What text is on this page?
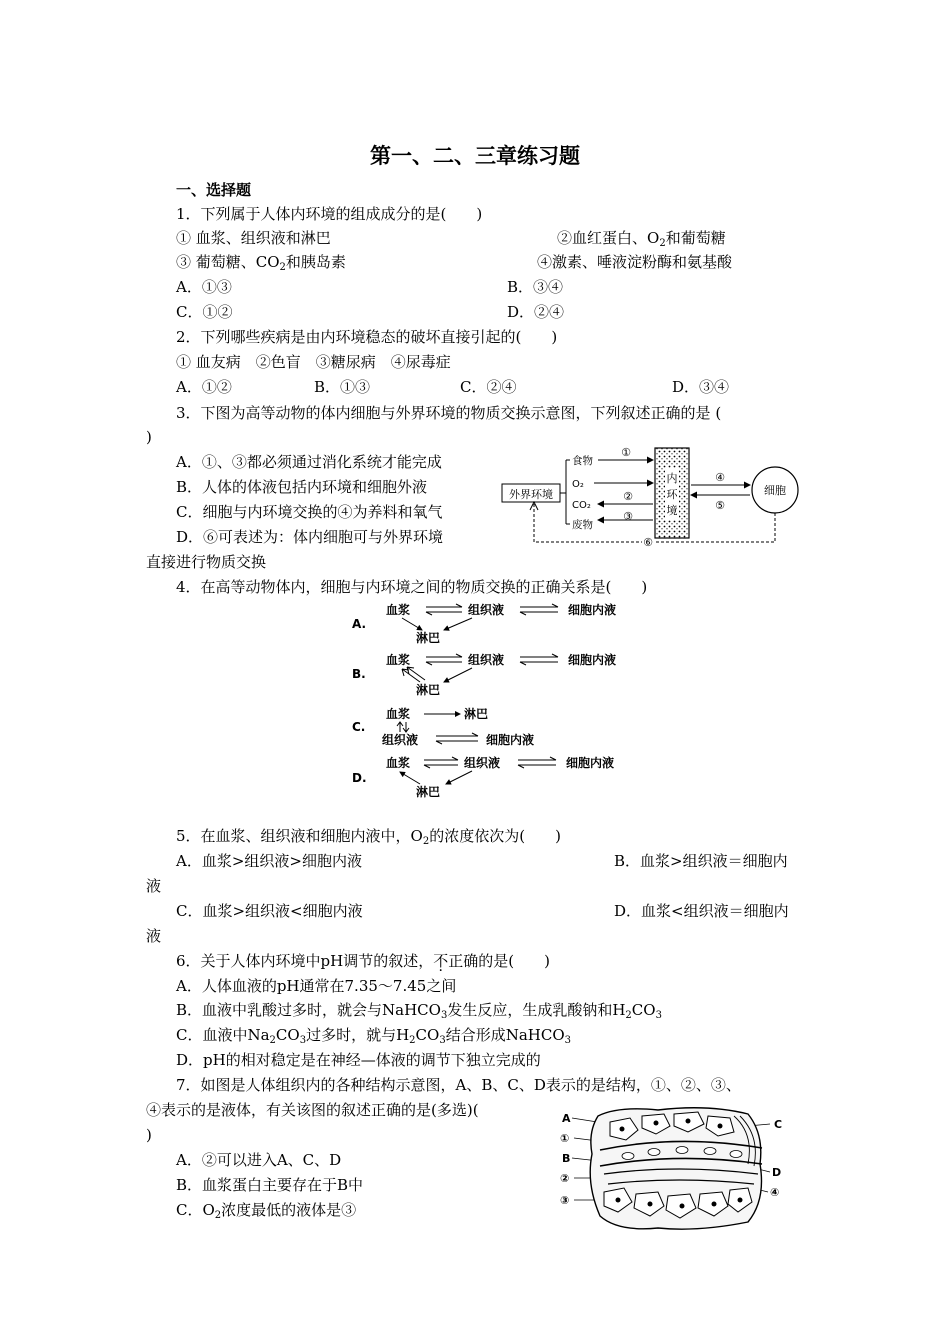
第一、二、三章练习题
一、选择题
1．下列属于人体内环境的组成成分的是(　　)
① 血浆、组织液和淋巴	②血红蛋白、$O_2$和葡萄糖
③ 葡萄糖、$CO_2$和胰岛素	④激素、唾液淀粉酶和氨基酸
A．①③	B．③④
C．①②	D．②④
2．下列哪些疾病是由内环境稳态的破坏直接引起的(　　)
① 血友病　②色盲　③糖尿病　④尿毒症
A．①②	B．①③	C．②④	D．③④
3．下图为高等动物的体内细胞与外界环境的物质交换示意图，下列叙述正确的是 (
)
A．①、③都必须通过消化系统才能完成
B．人体的体液包括内环境和细胞外液
C．细胞与内环境交换的④为养料和氧气
D．⑥可表述为：体内细胞可与外界环境
直接进行物质交换
外界环境
食物
O₂
CO₂
废物
①
②
③
内
环
境
④
⑤
细胞
⑥
4．在高等动物体内，细胞与内环境之间的物质交换的正确关系是(　　)
A.
血浆	组织液	细胞内液
淋巴
B.
血浆	组织液	细胞内液
淋巴
C.
血浆	淋巴
组织液	细胞内液
D.
血浆	组织液	细胞内液
淋巴
5．在血浆、组织液和细胞内液中，$O_2$的浓度依次为(　　)
A．血浆>组织液>细胞内液	B．血浆>组织液＝细胞内
液
C．血浆>组织液<细胞内液	D．血浆<组织液＝细胞内
液
6．关于人体内环境中pH调节的叙述，不正确的是(　　)
A．人体血液的pH通常在7.35～7.45之间
B．血液中乳酸过多时，就会与NaHCO$_3$发生反应，生成乳酸钠和$H_2CO_3$
C．血液中$Na_2CO_3$过多时，就与$H_2CO_3$结合形成NaHCO$_3$
D．pH的相对稳定是在神经—体液的调节下独立完成的
7．如图是人体组织内的各种结构示意图，A、B、C、D表示的是结构，①、②、③、
④表示的是液体，有关该图的叙述正确的是(多选)(
)
A．②可以进入A、C、D
B．血浆蛋白主要存在于B中
C．$O_2$浓度最低的液体是③
A
①
B
②
③
C
D
④
